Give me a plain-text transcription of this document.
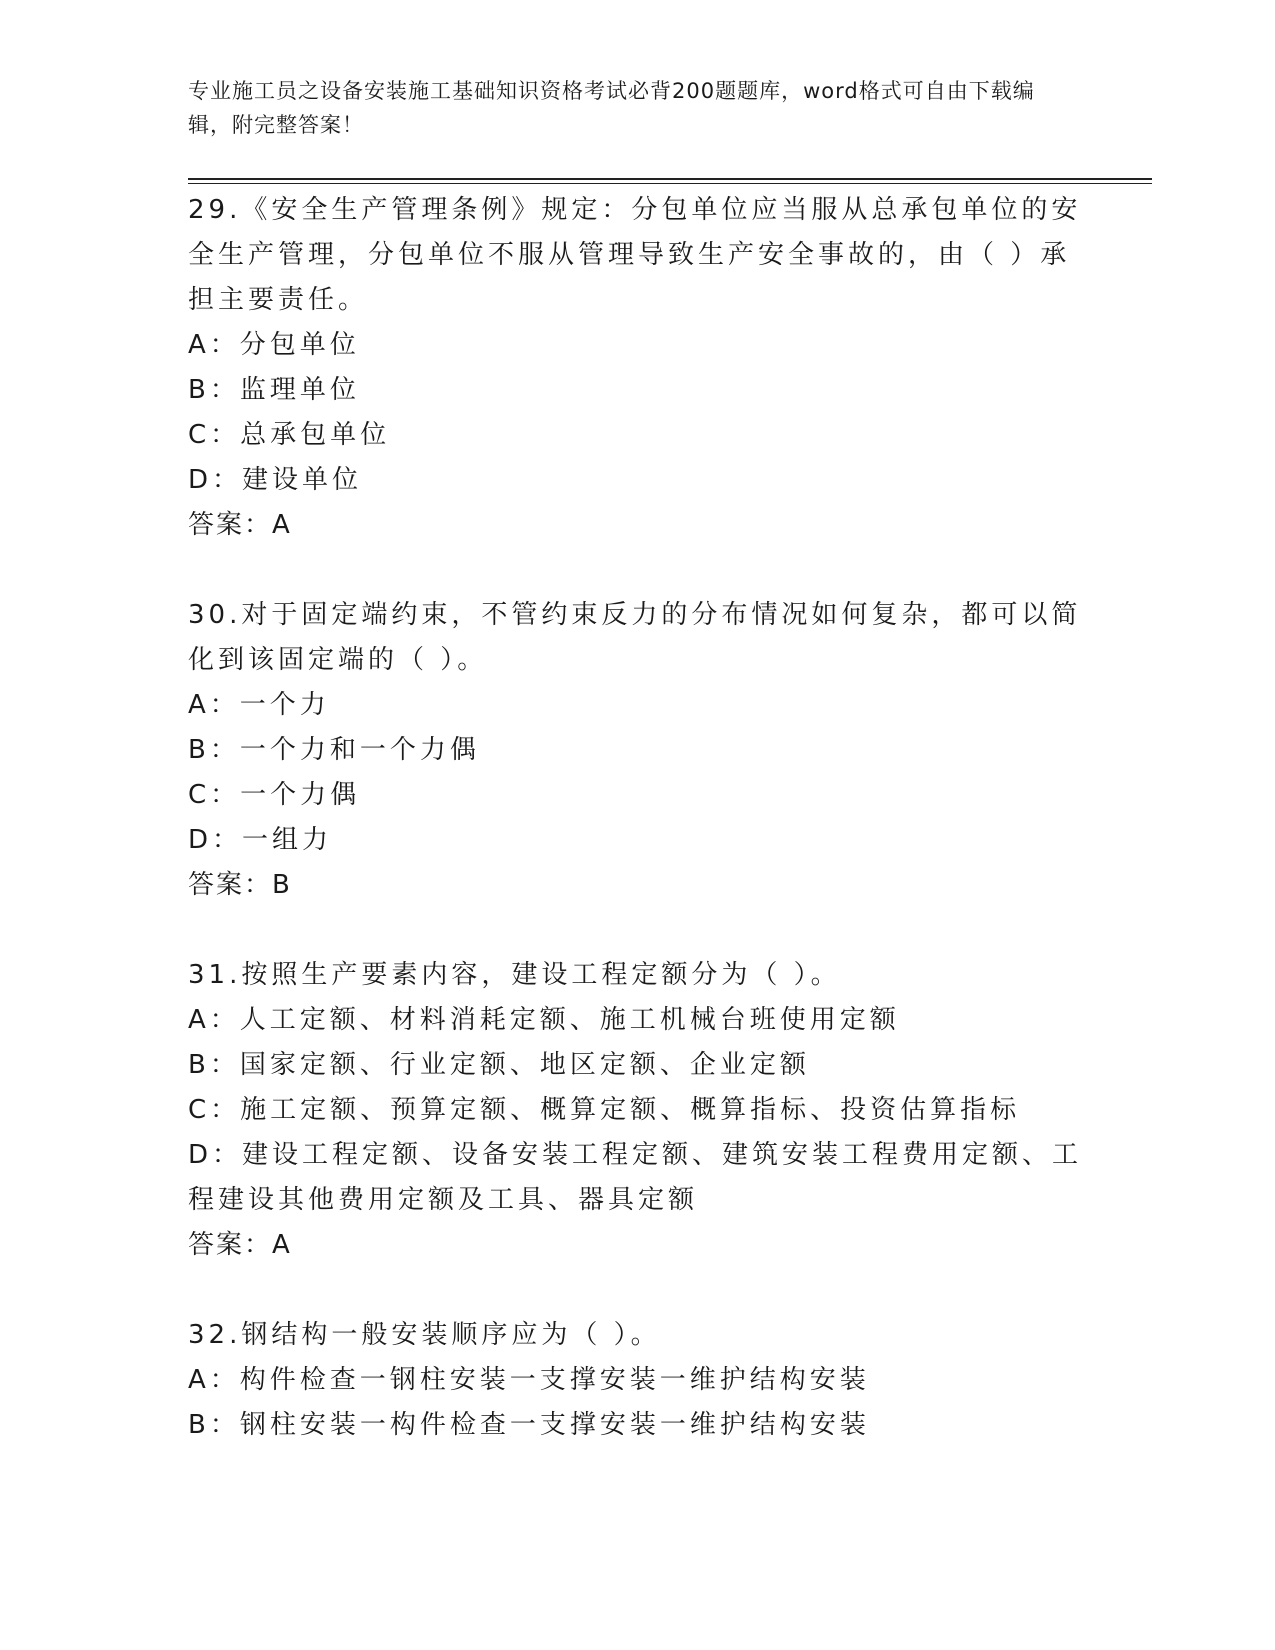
专业施工员之设备安装施工基础知识资格考试必背200题题库，word格式可自由下载编辑，附完整答案！

29.《安全生产管理条例》规定：分包单位应当服从总承包单位的安全生产管理，分包单位不服从管理导致生产安全事故的，由（ ）承担主要责任。

A：分包单位

B：监理单位

C：总承包单位

D：建设单位

答案：A

30.对于固定端约束，不管约束反力的分布情况如何复杂，都可以简化到该固定端的（ ）。

A：一个力

B：一个力和一个力偶

C：一个力偶

D：一组力

答案：B

31.按照生产要素内容，建设工程定额分为（ ）。

A：人工定额、材料消耗定额、施工机械台班使用定额

B：国家定额、行业定额、地区定额、企业定额

C：施工定额、预算定额、概算定额、概算指标、投资估算指标

D：建设工程定额、设备安装工程定额、建筑安装工程费用定额、工程建设其他费用定额及工具、器具定额

答案：A

32.钢结构一般安装顺序应为（ ）。

A：构件检查一钢柱安装一支撑安装一维护结构安装

B：钢柱安装一构件检查一支撑安装一维护结构安装
